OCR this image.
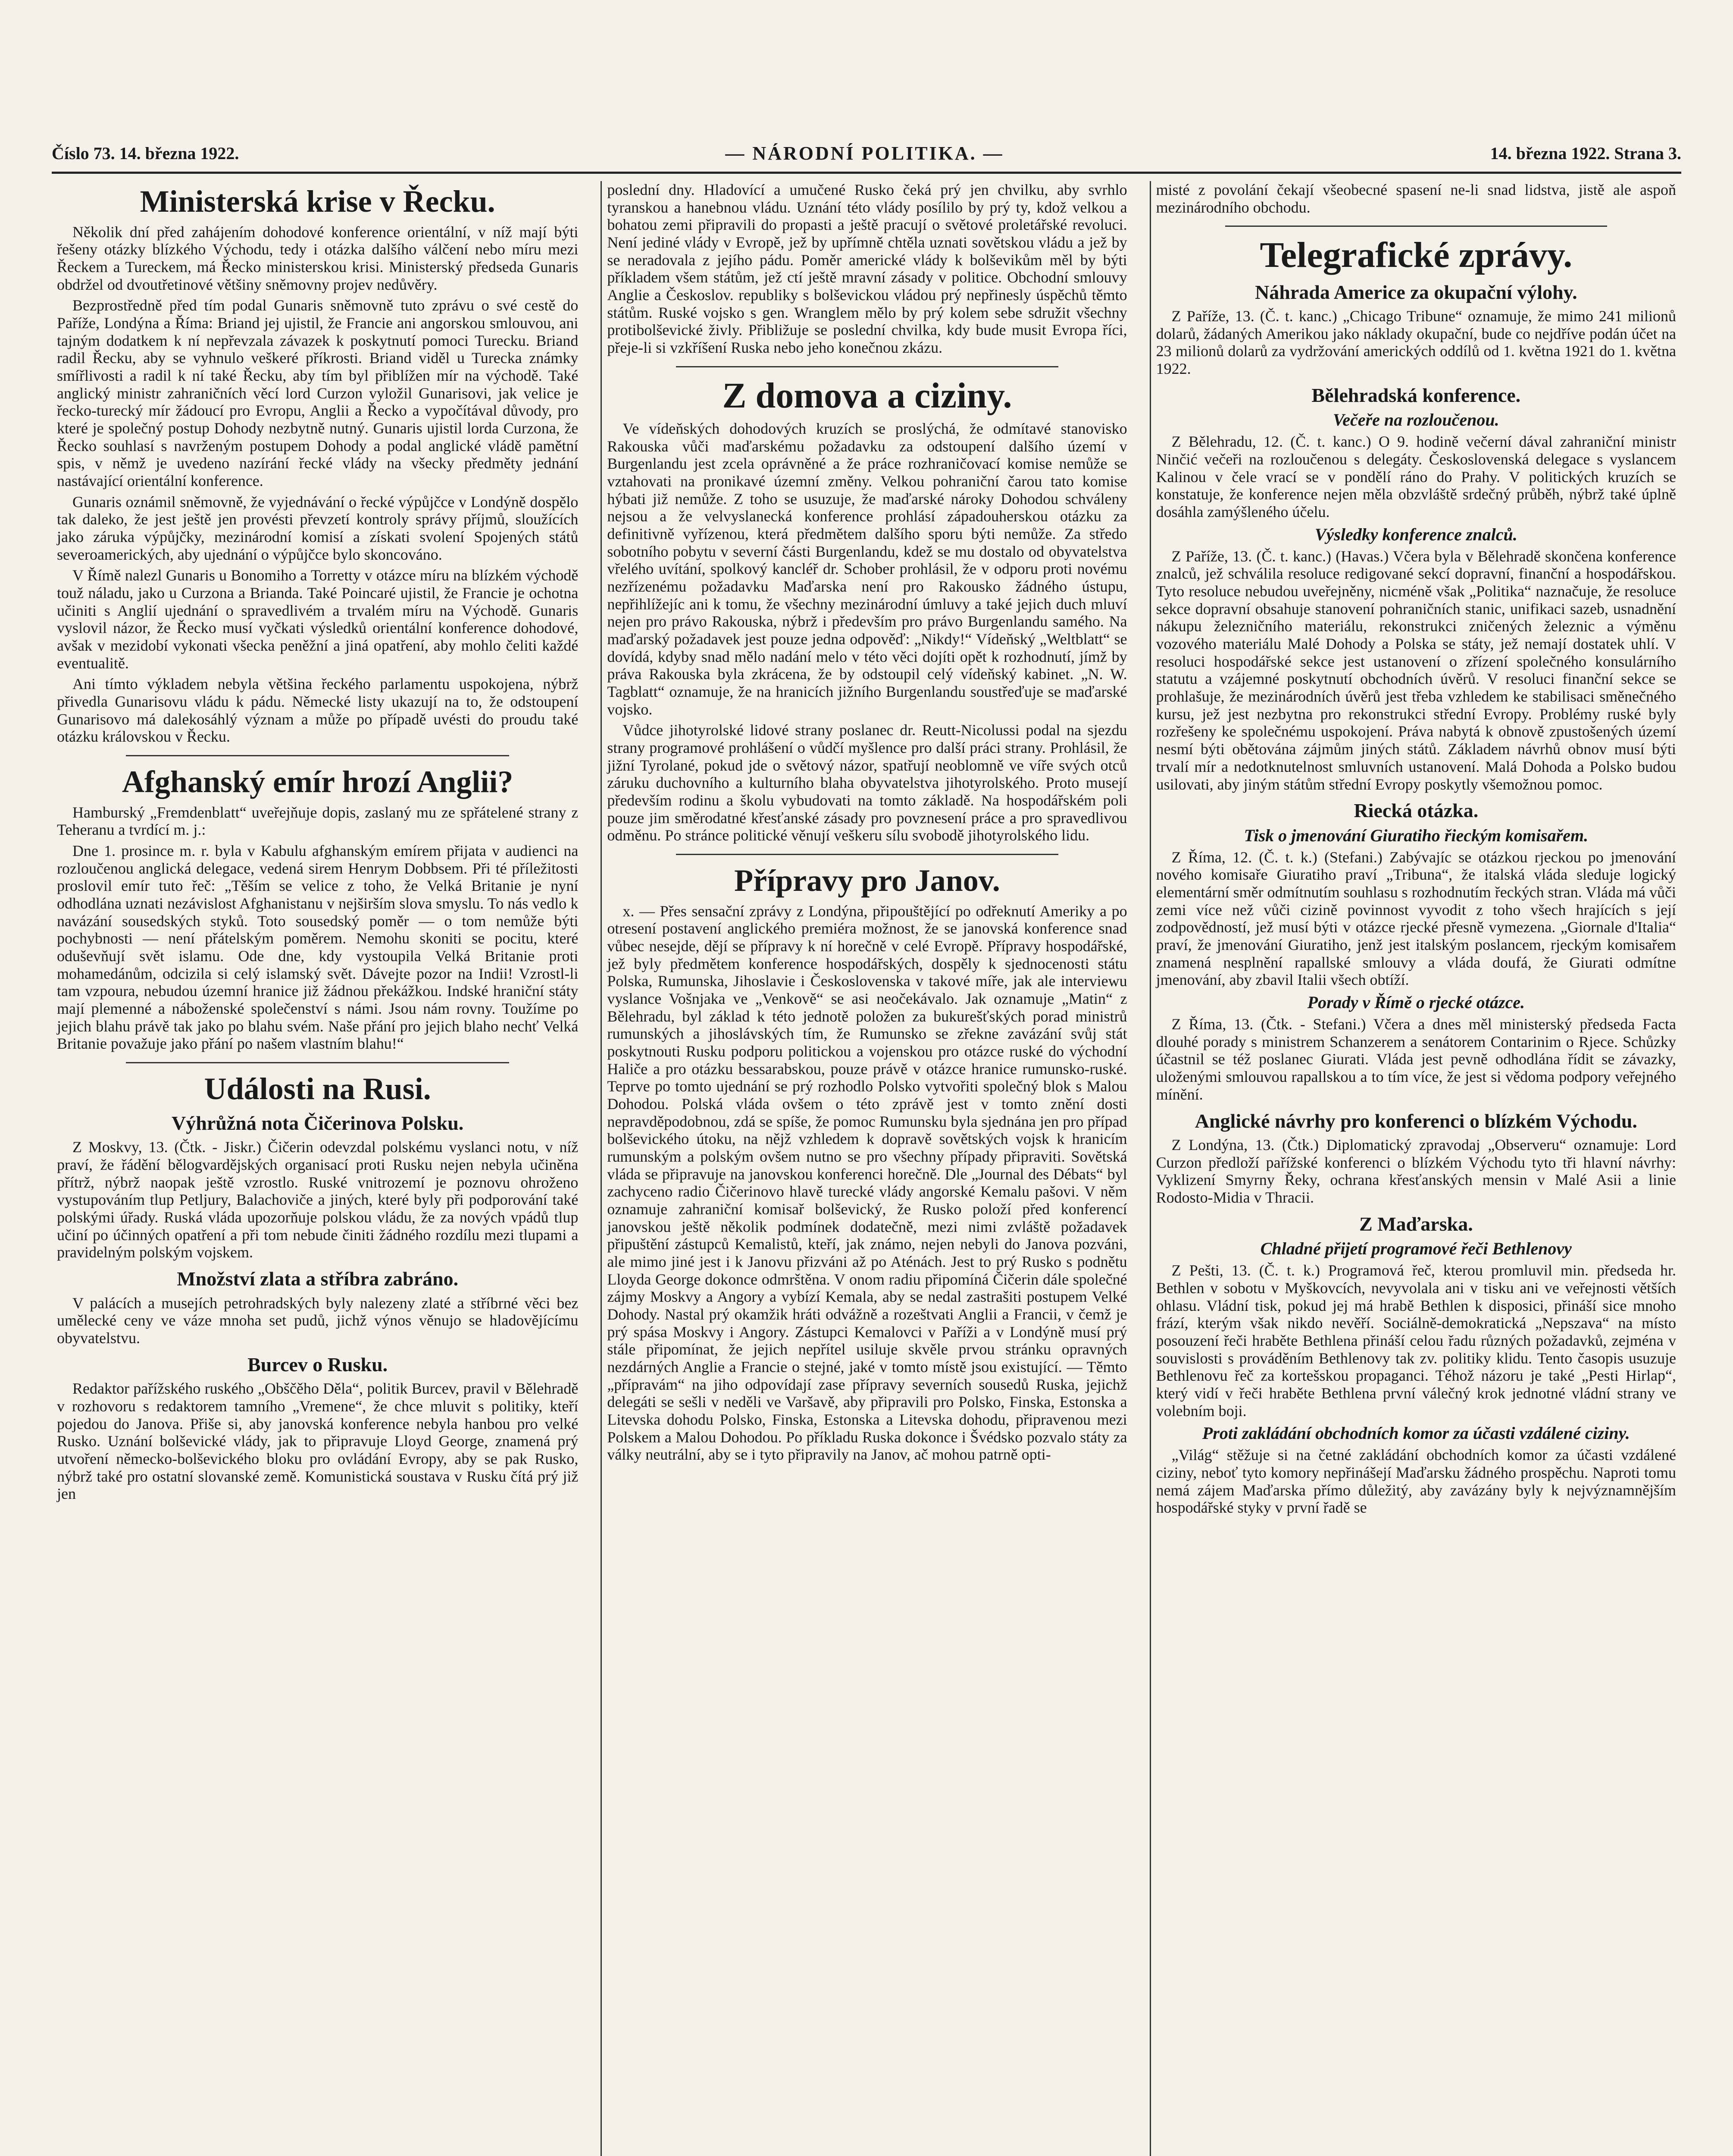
Číslo 73. 14. března 1922.	— NÁRODNÍ POLITIKA. —	14. března 1922. Strana 3.
Ministerská krise v Řecku.

Několik dní před zahájením dohodové konference orientální, v níž mají býti řešeny otázky blízkého Východu, tedy i otázka dalšího válčení nebo míru mezi Řeckem a Tureckem, má Řecko ministerskou krisi. Ministerský předseda Gunaris obdržel od dvoutřetinové většiny sněmovny projev nedůvěry.

Bezprostředně před tím podal Gunaris sněmovně tuto zprávu o své cestě do Paříže, Londýna a Říma: Briand jej ujistil, že Francie ani angorskou smlouvou, ani tajným dodatkem k ní nepřevzala závazek k poskytnutí pomoci Turecku. Briand radil Řecku, aby se vyhnulo veškeré příkrosti. Briand viděl u Turecka známky smířlivosti a radil k ní také Řecku, aby tím byl přiblížen mír na východě. Také anglický ministr zahraničních věcí lord Curzon vyložil Gunarisovi, jak velice je řecko-turecký mír žádoucí pro Evropu, Anglii a Řecko a vypočítával důvody, pro které je společný postup Dohody nezbytně nutný. Gunaris ujistil lorda Curzona, že Řecko souhlasí s navrženým postupem Dohody a podal anglické vládě pamětní spis, v němž je uvedeno nazírání řecké vlády na všecky předměty jednání nastávající orientální konference.

Gunaris oznámil sněmovně, že vyjednávání o řecké výpůjčce v Londýně dospělo tak daleko, že jest ještě jen provésti převzetí kontroly správy příjmů, sloužících jako záruka výpůjčky, mezinárodní komisí a získati svolení Spojených států severoamerických, aby ujednání o výpůjčce bylo skoncováno.

V Římě nalezl Gunaris u Bonomiho a Torretty v otázce míru na blízkém východě touž náladu, jako u Curzona a Brianda. Také Poincaré ujistil, že Francie je ochotna učiniti s Anglií ujednání o spravedlivém a trvalém míru na Východě. Gunaris vyslovil názor, že Řecko musí vyčkati výsledků orientální konference dohodové, avšak v mezidobí vykonati všecka peněžní a jiná opatření, aby mohlo čeliti každé eventualitě.

Ani tímto výkladem nebyla většina řeckého parlamentu uspokojena, nýbrž přivedla Gunarisovu vládu k pádu. Německé listy ukazují na to, že odstoupení Gunarisovo má dalekosáhlý význam a může po případě uvésti do proudu také otázku královskou v Řecku.

Afghanský emír hrozí Anglii?

Hamburský „Fremdenblatt“ uveřejňuje dopis, zaslaný mu ze spřátelené strany z Teheranu a tvrdící m. j.:

Dne 1. prosince m. r. byla v Kabulu afghanským emírem přijata v audienci na rozloučenou anglická delegace, vedená sirem Henrym Dobbsem. Při té příležitosti proslovil emír tuto řeč: „Těším se velice z toho, že Velká Britanie je nyní odhodlána uznati nezávislost Afghanistanu v nejširším slova smyslu. To nás vedlo k navázání sousedských styků. Toto sousedský poměr — o tom nemůže býti pochybnosti — není přátelským poměrem. Nemohu skoniti se pocitu, které oduševňují svět islamu. Ode dne, kdy vystoupila Velká Britanie proti mohamedánům, odcizila si celý islamský svět. Dávejte pozor na Indii! Vzrostl-li tam vzpoura, nebudou územní hranice již žádnou překážkou. Indské hraniční státy mají plemenné a náboženské společenství s námi. Jsou nám rovny. Toužíme po jejich blahu právě tak jako po blahu svém. Naše přání pro jejich blaho nechť Velká Britanie považuje jako přání po našem vlastním blahu!“

Události na Rusi.
Výhrůžná nota Čičerinova Polsku.

Z Moskvy, 13. (Čtk. - Jiskr.) Čičerin odevzdal polskému vyslanci notu, v níž praví, že řádění bělogvardějských organisací proti Rusku nejen nebyla učiněna přítrž, nýbrž naopak ještě vzrostlo. Ruské vnitrozemí je poznovu ohroženo vystupováním tlup Petljury, Balachoviče a jiných, které byly při podporování také polskými úřady. Ruská vláda upozorňuje polskou vládu, že za nových vpádů tlup učiní po účinných opatření a při tom nebude činiti žádného rozdílu mezi tlupami a pravidelným polským vojskem.

Množství zlata a stříbra zabráno.

V palácích a musejích petrohradských byly nalezeny zlaté a stříbrné věci bez umělecké ceny ve váze mnoha set pudů, jichž výnos věnujo se hladovějícímu obyvatelstvu.

Burcev o Rusku.

Redaktor pařížského ruského „Obščěho Děla“, politik Burcev, pravil v Bělehradě v rozhovoru s redaktorem tamního „Vremene“, že chce mluvit s politiky, kteří pojedou do Janova. Přiše si, aby janovská konference nebyla hanbou pro velké Rusko. Uznání bolševické vlády, jak to připravuje Lloyd George, znamená prý utvoření německo-bolševického bloku pro ovládání Evropy, aby se pak Rusko, nýbrž také pro ostatní slovanské země. Komunistická soustava v Rusku čítá prý již jen

poslední dny. Hladovící a umučené Rusko čeká prý jen chvilku, aby svrhlo tyranskou a hanebnou vládu. Uznání této vlády posílilo by prý ty, kdož velkou a bohatou zemi připravili do propasti a ještě pracují o světové proletářské revoluci. Není jediné vlády v Evropě, jež by upřímně chtěla uznati sovětskou vládu a jež by se neradovala z jejího pádu. Poměr americké vlády k bolševikům měl by býti příkladem všem státům, jež ctí ještě mravní zásady v politice. Obchodní smlouvy Anglie a Českoslov. republiky s bolševickou vládou prý nepřinesly úspěchů těmto státům. Ruské vojsko s gen. Wranglem mělo by prý kolem sebe sdružit všechny protibolševické živly. Přibližuje se poslední chvilka, kdy bude musit Evropa říci, přeje-li si vzkříšení Ruska nebo jeho konečnou zkázu.

Z domova a ciziny.

Ve vídeňských dohodových kruzích se proslýchá, že odmítavé stanovisko Rakouska vůči maďarskému požadavku za odstoupení dalšího území v Burgenlandu jest zcela oprávněné a že práce rozhraničovací komise nemůže se vztahovati na pronikavé územní změny. Velkou pohraniční čarou tato komise hýbati již nemůže. Z toho se usuzuje, že maďarské nároky Dohodou schváleny nejsou a že velvyslanecká konference prohlásí západouherskou otázku za definitivně vyřízenou, která předmětem dalšího sporu býti nemůže. Za středo sobotního pobytu v severní části Burgenlandu, kdež se mu dostalo od obyvatelstva vřelého uvítání, spolkový kancléř dr. Schober prohlásil, že v odporu proti novému nezřízenému požadavku Maďarska není pro Rakousko žádného ústupu, nepřihlížejíc ani k tomu, že všechny mezinárodní úmluvy a také jejich duch mluví nejen pro právo Rakouska, nýbrž i především pro právo Burgenlandu samého. Na maďarský požadavek jest pouze jedna odpověď: „Nikdy!“ Vídeňský „Weltblatt“ se dovídá, kdyby snad mělo nadání melo v této věci dojíti opět k rozhodnutí, jímž by práva Rakouska byla zkrácena, že by odstoupil celý vídeňský kabinet. „N. W. Tagblatt“ oznamuje, že na hranicích jižního Burgenlandu soustřeďuje se maďarské vojsko.

Vůdce jihotyrolské lidové strany poslanec dr. Reutt-Nicolussi podal na sjezdu strany programové prohlášení o vůdčí myšlence pro další práci strany. Prohlásil, že jižní Tyrolané, pokud jde o světový názor, spatřují neoblomně ve víře svých otců záruku duchovního a kulturního blaha obyvatelstva jihotyrolského. Proto musejí především rodinu a školu vybudovati na tomto základě. Na hospodářském poli pouze jim směrodatné křesťanské zásady pro povznesení práce a pro spravedlivou odměnu. Po stránce politické věnují veškeru sílu svobodě jihotyrolského lidu.

Přípravy pro Janov.

x. — Přes sensační zprávy z Londýna, připouštějící po odřeknutí Ameriky a po otresení postavení anglického premiéra možnost, že se janovská konference snad vůbec nesejde, dějí se přípravy k ní horečně v celé Evropě. Přípravy hospodářské, jež byly předmětem konference hospodářských, dospěly k sjednocenosti státu Polska, Rumunska, Jihoslavie i Československa v takové míře, jak ale interviewu vyslance Vošnjaka ve „Venkově“ se asi neočekávalo. Jak oznamuje „Matin“ z Bělehradu, byl základ k této jednotě položen za bukurešťských porad ministrů rumunských a jihoslávských tím, že Rumunsko se zřekne zavázání svůj stát poskytnouti Rusku podporu politickou a vojenskou pro otázce ruské do východní Haliče a pro otázku bessarabskou, pouze právě v otázce hranice rumunsko-ruské. Teprve po tomto ujednání se prý rozhodlo Polsko vytvořiti společný blok s Malou Dohodou. Polská vláda ovšem o této zprávě jest v tomto znění dosti nepravděpodobnou, zdá se spíše, že pomoc Rumunsku byla sjednána jen pro případ bolševického útoku, na nějž vzhledem k dopravě sovětských vojsk k hranicím rumunským a polským ovšem nutno se pro všechny případy připraviti. Sovětská vláda se připravuje na janovskou konferenci horečně. Dle „Journal des Débats“ byl zachyceno radio Čičerinovo hlavě turecké vlády angorské Kemalu pašovi. V něm oznamuje zahraniční komisař bolševický, že Rusko položí před konferencí janovskou ještě několik podmínek dodatečně, mezi nimi zvláště požadavek připuštění zástupců Kemalistů, kteří, jak známo, nejen nebyli do Janova pozváni, ale mimo jiné jest i k Janovu přizváni až po Aténách. Jest to prý Rusko s podnětu Lloyda George dokonce odmrštěna. V onom radiu připomíná Čičerin dále společné zájmy Moskvy a Angory a vybízí Kemala, aby se nedal zastrašiti postupem Velké Dohody. Nastal prý okamžik hráti odvážně a rozeštvati Anglii a Francii, v čemž je prý spása Moskvy i Angory. Zástupci Kemalovci v Paříži a v Londýně musí prý stále připomínat, že jejich nepřítel usiluje skvěle prvou stránku opravných nezdárných Anglie a Francie o stejné, jaké v tomto místě jsou existující. — Těmto „přípravám“ na jiho odpovídají zase přípravy severních sousedů Ruska, jejichž delegáti se sešli v neděli ve Varšavě, aby připravili pro Polsko, Finska, Estonska a Litevska dohodu Polsko, Finska, Estonska a Litevska dohodu, připravenou mezi Polskem a Malou Dohodou. Po příkladu Ruska dokonce i Švédsko pozvalo státy za války neutrální, aby se i tyto připravily na Janov, ač mohou patrně opti-

misté z povolání čekají všeobecné spasení ne-li snad lidstva, jistě ale aspoň mezinárodního obchodu.

Telegrafické zprávy.
Náhrada Americe za okupační výlohy.

Z Paříže, 13. (Č. t. kanc.) „Chicago Tribune“ oznamuje, že mimo 241 milionů dolarů, žádaných Amerikou jako náklady okupační, bude co nejdříve podán účet na 23 milionů dolarů za vydržování amerických oddílů od 1. května 1921 do 1. května 1922.

Bělehradská konference.
Večeře na rozloučenou.

Z Bělehradu, 12. (Č. t. kanc.) O 9. hodině večerní dával zahraniční ministr Ninčić večeři na rozloučenou s delegáty. Československá delegace s vyslancem Kalinou v čele vrací se v pondělí ráno do Prahy. V politických kruzích se konstatuje, že konference nejen měla obzvláště srdečný průběh, nýbrž také úplně dosáhla zamýšleného účelu.

Výsledky konference znalců.

Z Paříže, 13. (Č. t. kanc.) (Havas.) Včera byla v Bělehradě skončena konference znalců, jež schválila resoluce redigované sekcí dopravní, finanční a hospodářskou. Tyto resoluce nebudou uveřejněny, nicméně však „Politika“ naznačuje, že resoluce sekce dopravní obsahuje stanovení pohraničních stanic, unifikaci sazeb, usnadnění nákupu železničního materiálu, rekonstrukci zničených železnic a výměnu vozového materiálu Malé Dohody a Polska se státy, jež nemají dostatek uhlí. V resoluci hospodářské sekce jest ustanovení o zřízení společného konsulárního statutu a vzájemné poskytnutí obchodních úvěrů. V resoluci finanční sekce se prohlašuje, že mezinárodních úvěrů jest třeba vzhledem ke stabilisaci směnečného kursu, jež jest nezbytna pro rekonstrukci střední Evropy. Problémy ruské byly rozřešeny ke společnému uspokojení. Práva nabytá k obnově zpustošených území nesmí býti obětována zájmům jiných států. Základem návrhů obnov musí býti trvalí mír a nedotknutelnost smluvních ustanovení. Malá Dohoda a Polsko budou usilovati, aby jiným státům střední Evropy poskytly všemožnou pomoc.

Riecká otázka.
Tisk o jmenování Giuratiho řieckým komisařem.

Z Říma, 12. (Č. t. k.) (Stefani.) Zabývajíc se otázkou rjeckou po jmenování nového komisaře Giuratiho praví „Tribuna“, že italská vláda sleduje logický elementární směr odmítnutím souhlasu s rozhodnutím řeckých stran. Vláda má vůči zemi více než vůči cizině povinnost vyvodit z toho všech hrajících s její zodpovědností, jež musí býti v otázce rjecké přesně vymezena. „Giornale d'Italia“ praví, že jmenování Giuratiho, jenž jest italským poslancem, rjeckým komisařem znamená nesplnění rapallské smlouvy a vláda doufá, že Giurati odmítne jmenování, aby zbavil Italii všech obtíží.

Porady v Římě o rjecké otázce.

Z Říma, 13. (Čtk. - Stefani.) Včera a dnes měl ministerský předseda Facta dlouhé porady s ministrem Schanzerem a senátorem Contarinim o Rjece. Schůzky účastnil se též poslanec Giurati. Vláda jest pevně odhodlána řídit se závazky, uloženými smlouvou rapallskou a to tím více, že jest si vědoma podpory veřejného mínění.

Anglické návrhy pro konferenci o blízkém Východu.

Z Londýna, 13. (Čtk.) Diplomatický zpravodaj „Observeru“ oznamuje: Lord Curzon předloží pařížské konferenci o blízkém Východu tyto tři hlavní návrhy: Vyklizení Smyrny Řeky, ochrana křesťanských mensin v Malé Asii a linie Rodosto-Midia v Thracii.

Z Maďarska.
Chladné přijetí programové řeči Bethlenovy

Z Pešti, 13. (Č. t. k.) Programová řeč, kterou promluvil min. předseda hr. Bethlen v sobotu v Myškovcích, nevyvolala ani v tisku ani ve veřejnosti větších ohlasu. Vládní tisk, pokud jej má hrabě Bethlen k disposici, přináší sice mnoho frází, kterým však nikdo nevěří. Sociálně-demokratická „Nepszava“ na místo posouzení řeči hraběte Bethlena přináší celou řadu různých požadavků, zejména v souvislosti s prováděním Bethlenovy tak zv. politiky klidu. Tento časopis usuzuje Bethlenovu řeč za kortešskou propaganci. Téhož názoru je také „Pesti Hirlap“, který vidí v řeči hraběte Bethlena první válečný krok jednotné vládní strany ve volebním boji.

Proti zakládání obchodních komor za účasti vzdálené ciziny.

„Világ“ stěžuje si na četné zakládání obchodních komor za účasti vzdálené ciziny, neboť tyto komory nepřinášejí Maďarsku žádného prospěchu. Naproti tomu nemá zájem Maďarska přímo důležitý, aby zavázány byly k nejvýznamnějším hospodářské styky v první řadě se
